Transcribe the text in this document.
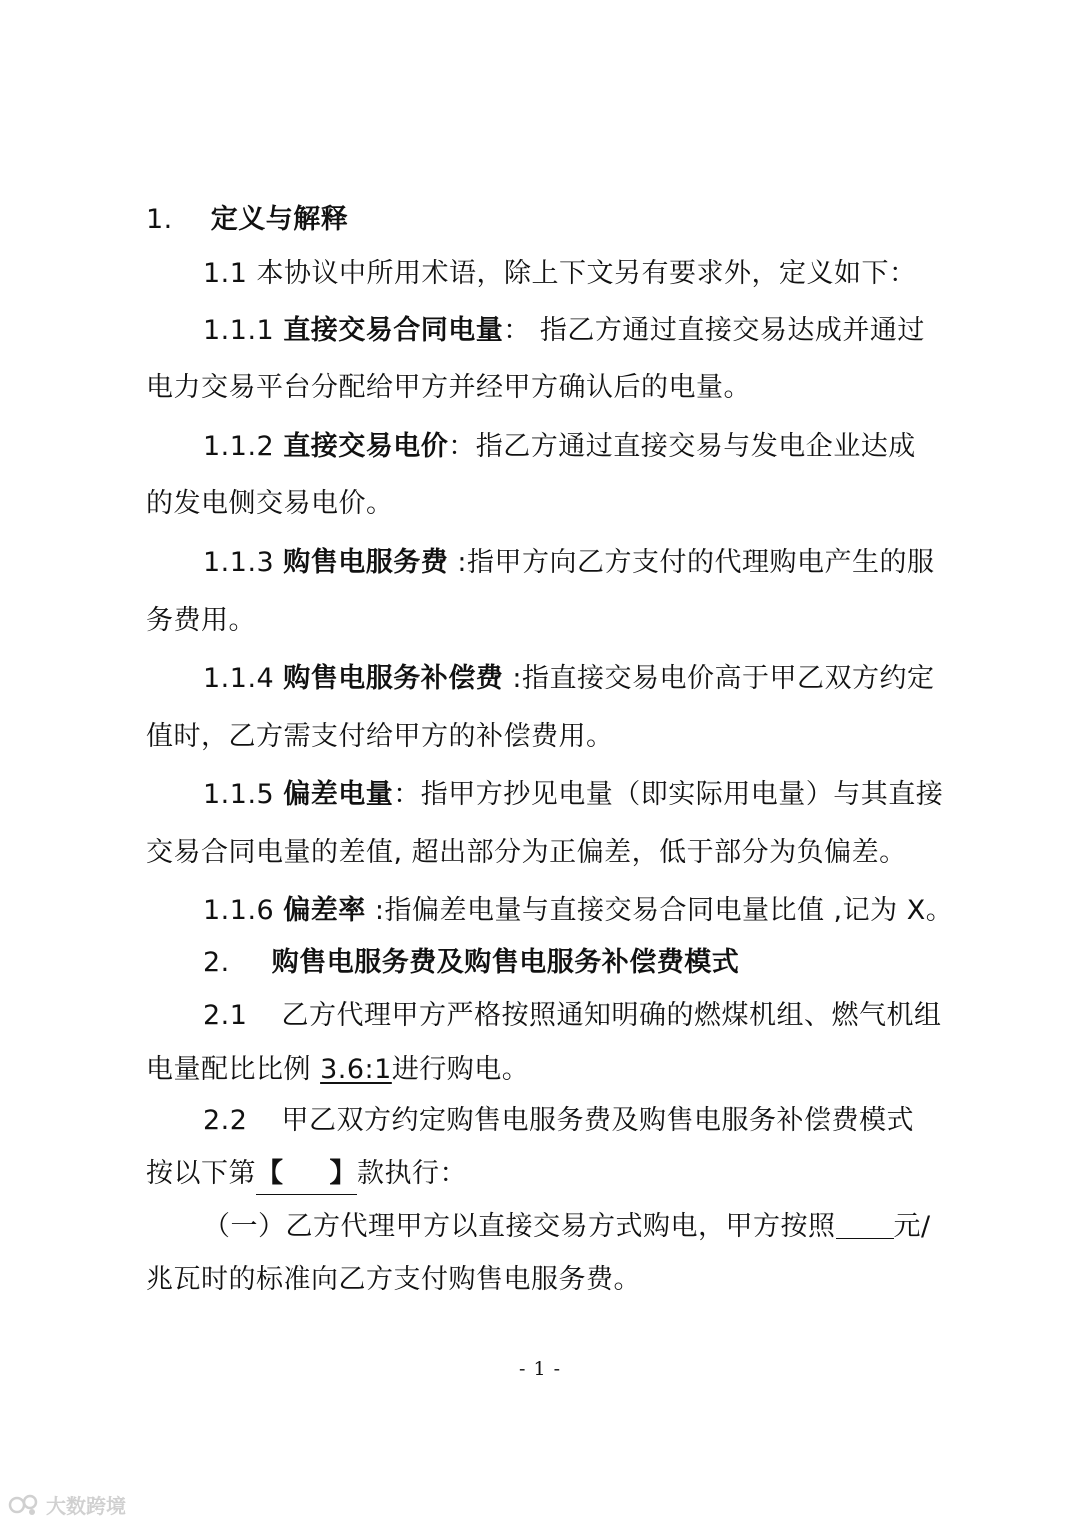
1. 定义与解释
1.1 本协议中所用术语，除上下文另有要求外，定义如下：
1.1.1 直接交易合同电量： 指乙方通过直接交易达成并通过
电力交易平台分配给甲方并经甲方确认后的电量。
1.1.2 直接交易电价：指乙方通过直接交易与发电企业达成
的发电侧交易电价。
1.1.3 购售电服务费 :指甲方向乙方支付的代理购电产生的服
务费用。
1.1.4 购售电服务补偿费 :指直接交易电价高于甲乙双方约定
值时，乙方需支付给甲方的补偿费用。
1.1.5 偏差电量：指甲方抄见电量（即实际用电量）与其直接
交易合同电量的差值, 超出部分为正偏差，低于部分为负偏差。
1.1.6 偏差率 :指偏差电量与直接交易合同电量比值 ,记为 X。
2. 购售电服务费及购售电服务补偿费模式
2.1 乙方代理甲方严格按照通知明确的燃煤机组、燃气机组
电量配比比例 3.6:1进行购电。
2.2 甲乙双方约定购售电服务费及购售电服务补偿费模式
按以下第【 】款执行：
（一）乙方代理甲方以直接交易方式购电，甲方按照 元/
兆瓦时的标准向乙方支付购售电服务费。
- 1 -
大数跨境
